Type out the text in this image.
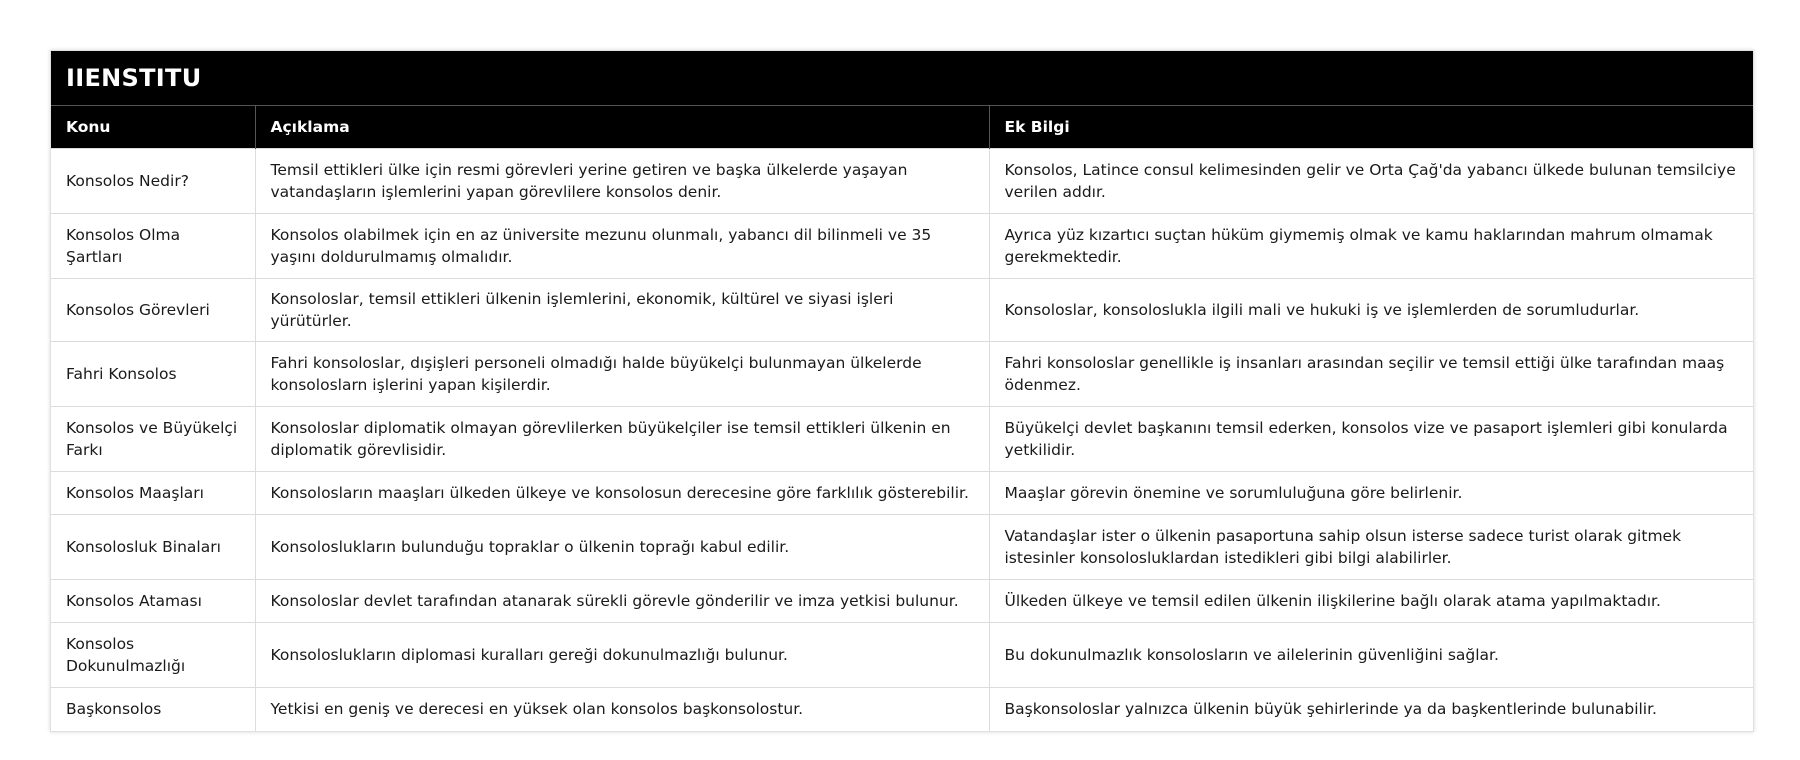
IIENSTITU
Konu	Açıklama	Ek Bilgi
Konsolos Nedir?	Temsil ettikleri ülke için resmi görevleri yerine getiren ve başka ülkelerde yaşayan vatandaşların işlemlerini yapan görevlilere konsolos denir.	Konsolos, Latince consul kelimesinden gelir ve Orta Çağ'da yabancı ülkede bulunan temsilciye verilen addır.
Konsolos Olma Şartları	Konsolos olabilmek için en az üniversite mezunu olunmalı, yabancı dil bilinmeli ve 35 yaşını doldurulmamış olmalıdır.	Ayrıca yüz kızartıcı suçtan hüküm giymemiş olmak ve kamu haklarından mahrum olmamak gerekmektedir.
Konsolos Görevleri	Konsoloslar, temsil ettikleri ülkenin işlemlerini, ekonomik, kültürel ve siyasi işleri yürütürler.	Konsoloslar, konsoloslukla ilgili mali ve hukuki iş ve işlemlerden de sorumludurlar.
Fahri Konsolos	Fahri konsoloslar, dışişleri personeli olmadığı halde büyükelçi bulunmayan ülkelerde konsoloslarn işlerini yapan kişilerdir.	Fahri konsoloslar genellikle iş insanları arasından seçilir ve temsil ettiği ülke tarafından maaş ödenmez.
Konsolos ve Büyükelçi Farkı	Konsoloslar diplomatik olmayan görevlilerken büyükelçiler ise temsil ettikleri ülkenin en diplomatik görevlisidir.	Büyükelçi devlet başkanını temsil ederken, konsolos vize ve pasaport işlemleri gibi konularda yetkilidir.
Konsolos Maaşları	Konsolosların maaşları ülkeden ülkeye ve konsolosun derecesine göre farklılık gösterebilir.	Maaşlar görevin önemine ve sorumluluğuna göre belirlenir.
Konsolosluk Binaları	Konsoloslukların bulunduğu topraklar o ülkenin toprağı kabul edilir.	Vatandaşlar ister o ülkenin pasaportuna sahip olsun isterse sadece turist olarak gitmek istesinler konsolosluklardan istedikleri gibi bilgi alabilirler.
Konsolos Ataması	Konsoloslar devlet tarafından atanarak sürekli görevle gönderilir ve imza yetkisi bulunur.	Ülkeden ülkeye ve temsil edilen ülkenin ilişkilerine bağlı olarak atama yapılmaktadır.
Konsolos Dokunulmazlığı	Konsoloslukların diplomasi kuralları gereği dokunulmazlığı bulunur.	Bu dokunulmazlık konsolosların ve ailelerinin güvenliğini sağlar.
Başkonsolos	Yetkisi en geniş ve derecesi en yüksek olan konsolos başkonsolostur.	Başkonsoloslar yalnızca ülkenin büyük şehirlerinde ya da başkentlerinde bulunabilir.
